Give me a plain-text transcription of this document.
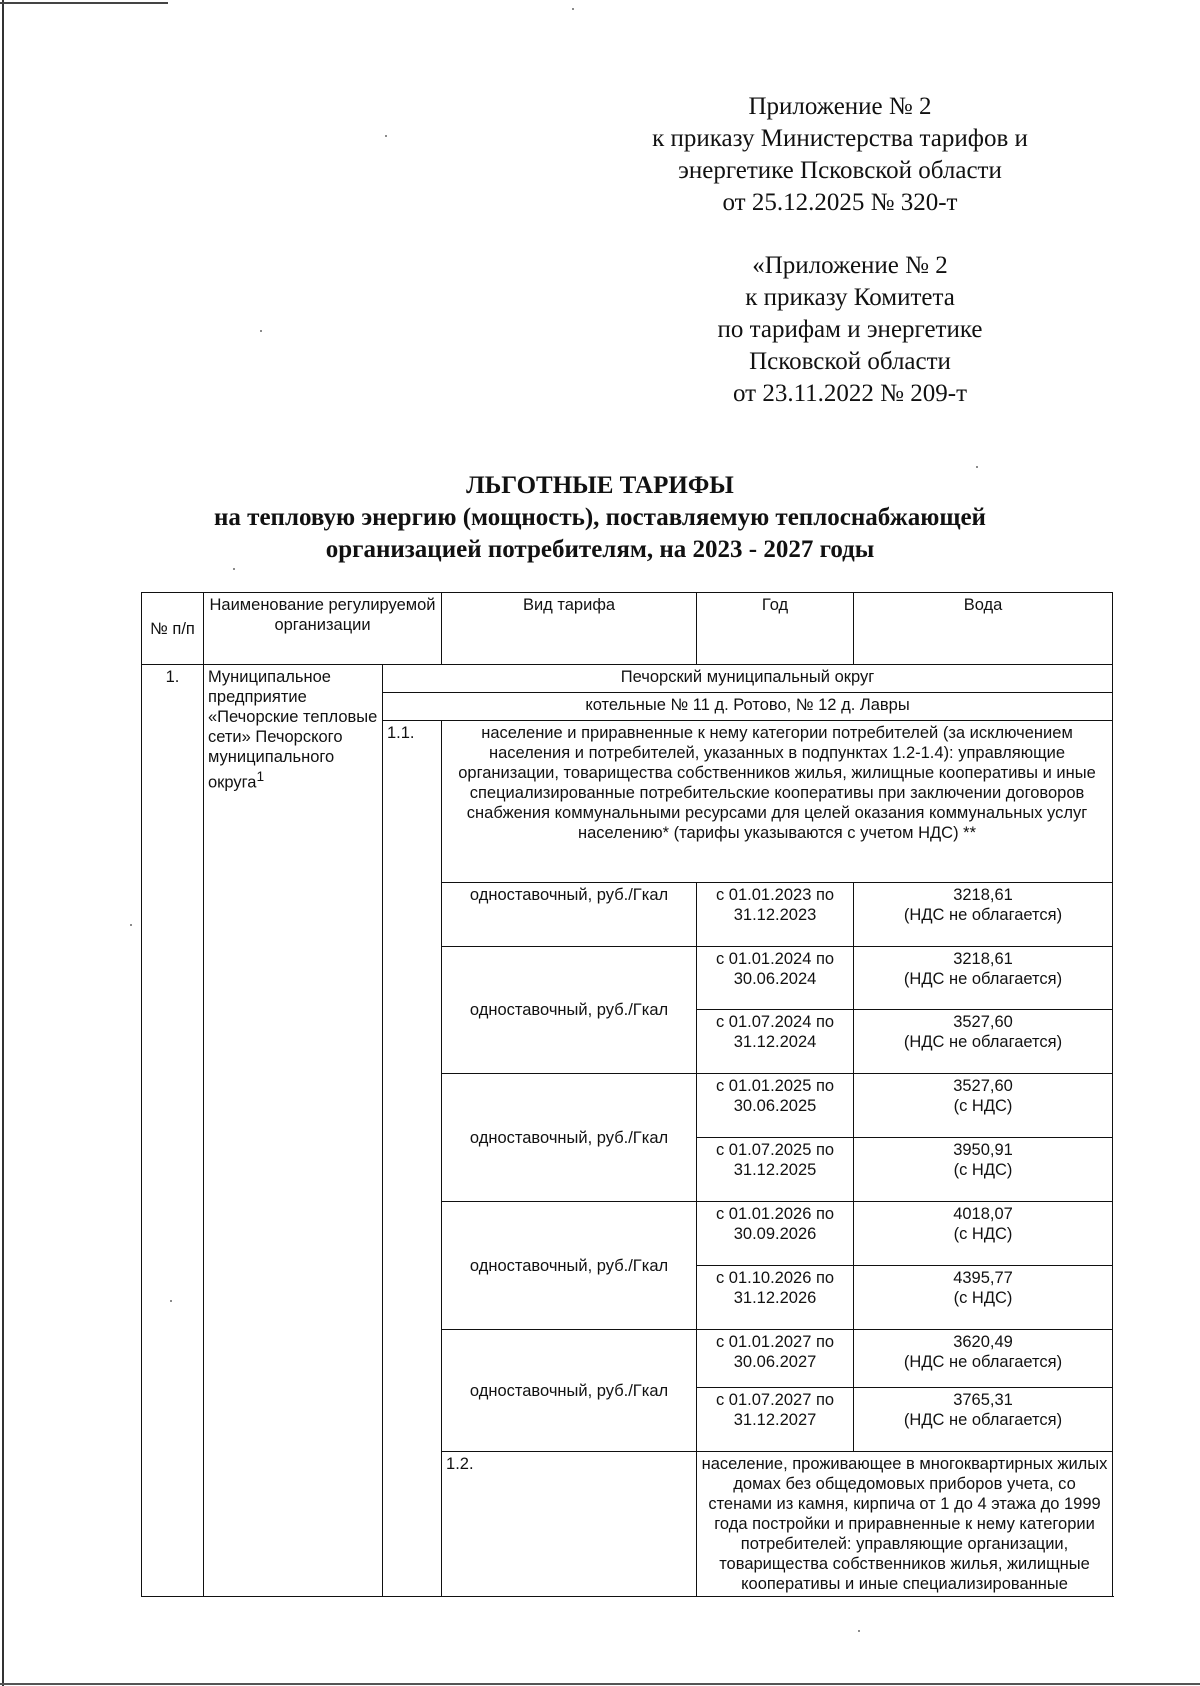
Приложение № 2
к приказу Министерства тарифов и
энергетике Псковской области
от 25.12.2025 № 320-т
«Приложение № 2
к приказу Комитета
по тарифам и энергетике
Псковской области
от 23.11.2022 № 209-т
ЛЬГОТНЫЕ ТАРИФЫ
на тепловую энергию (мощность), поставляемую теплоснабжающей
организацией потребителям, на 2023 - 2027 годы
№ п/п	Наименование регулируемой организации		Вид тарифа	Год	Вода
1.	Муниципальное предприятие «Печорские тепловые сети» Печорского муниципального округа$^1$	Печорский муниципальный округ			
		котельные № 11 д. Ротово, № 12 д. Лавры			
		1.1.	население и приравненные к нему категории потребителей (за исключением населения и потребителей, указанных в подпунктах 1.2-1.4): управляющие организации, товарищества собственников жилья, жилищные кооперативы и иные специализированные потребительские кооперативы при заключении договоров снабжения коммунальными ресурсами для целей оказания коммунальных услуг населению* (тарифы указываются с учетом НДС) **		
			одноставочный, руб./Гкал	с 01.01.2023 по 31.12.2023	3218,61
(НДС не облагается)

			одноставочный, руб./Гкал	с 01.01.2024 по 30.06.2024	3218,61
(НДС не облагается)

				с 01.07.2024 по 31.12.2024	3527,60
(НДС не облагается)

			одноставочный, руб./Гкал	с 01.01.2025 по 30.06.2025	3527,60
(с НДС)

				с 01.07.2025 по 31.12.2025	3950,91
(с НДС)

			одноставочный, руб./Гкал	с 01.01.2026 по 30.09.2026	4018,07
(с НДС)

				с 01.10.2026 по 31.12.2026	4395,77
(с НДС)

			одноставочный, руб./Гкал	с 01.01.2027 по 30.06.2027	3620,49
(НДС не облагается)

				с 01.07.2027 по 31.12.2027	3765,31
(НДС не облагается)

			1.2.	население, проживающее в многоквартирных жилых домах без общедомовых приборов учета, со стенами из камня, кирпича от 1 до 4 этажа до 1999 года постройки и приравненные к нему категории потребителей: управляющие организации, товарищества собственников жилья, жилищные кооперативы и иные специализированные	
